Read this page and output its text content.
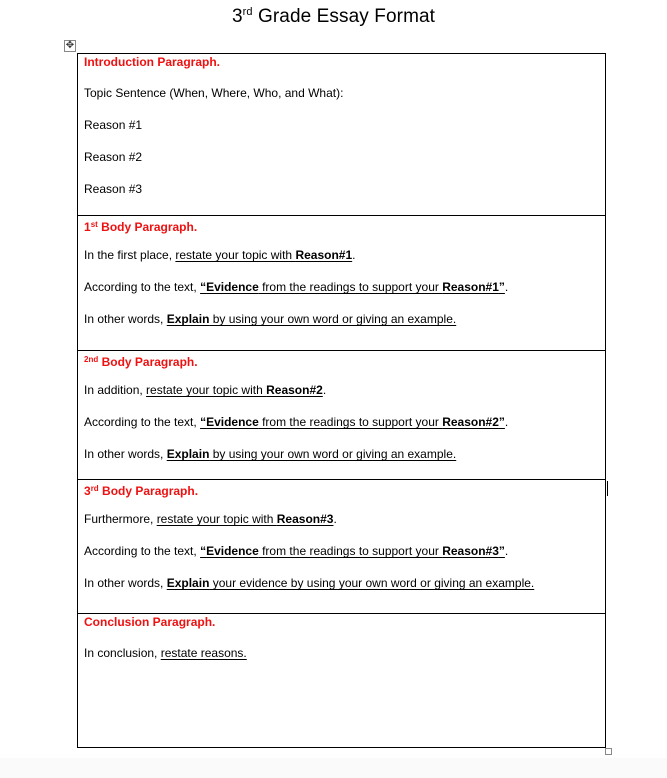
3rd Grade Essay Format
✥
Introduction Paragraph.
Topic Sentence (When, Where, Who, and What):
Reason #1
Reason #2
Reason #3
1st Body Paragraph.
In the first place, restate your topic with Reason#1.
According to the text, “Evidence from the readings to support your Reason#1”.
In other words, Explain by using your own word or giving an example.
$^{2nd}$ Body Paragraph.
In addition, restate your topic with Reason#2.
According to the text, “Evidence from the readings to support your Reason#2”.
In other words, Explain by using your own word or giving an example.
3rd Body Paragraph.
Furthermore, restate your topic with Reason#3.
According to the text, “Evidence from the readings to support your Reason#3”.
In other words, Explain your evidence by using your own word or giving an example.
Conclusion Paragraph.
In conclusion, restate reasons.
